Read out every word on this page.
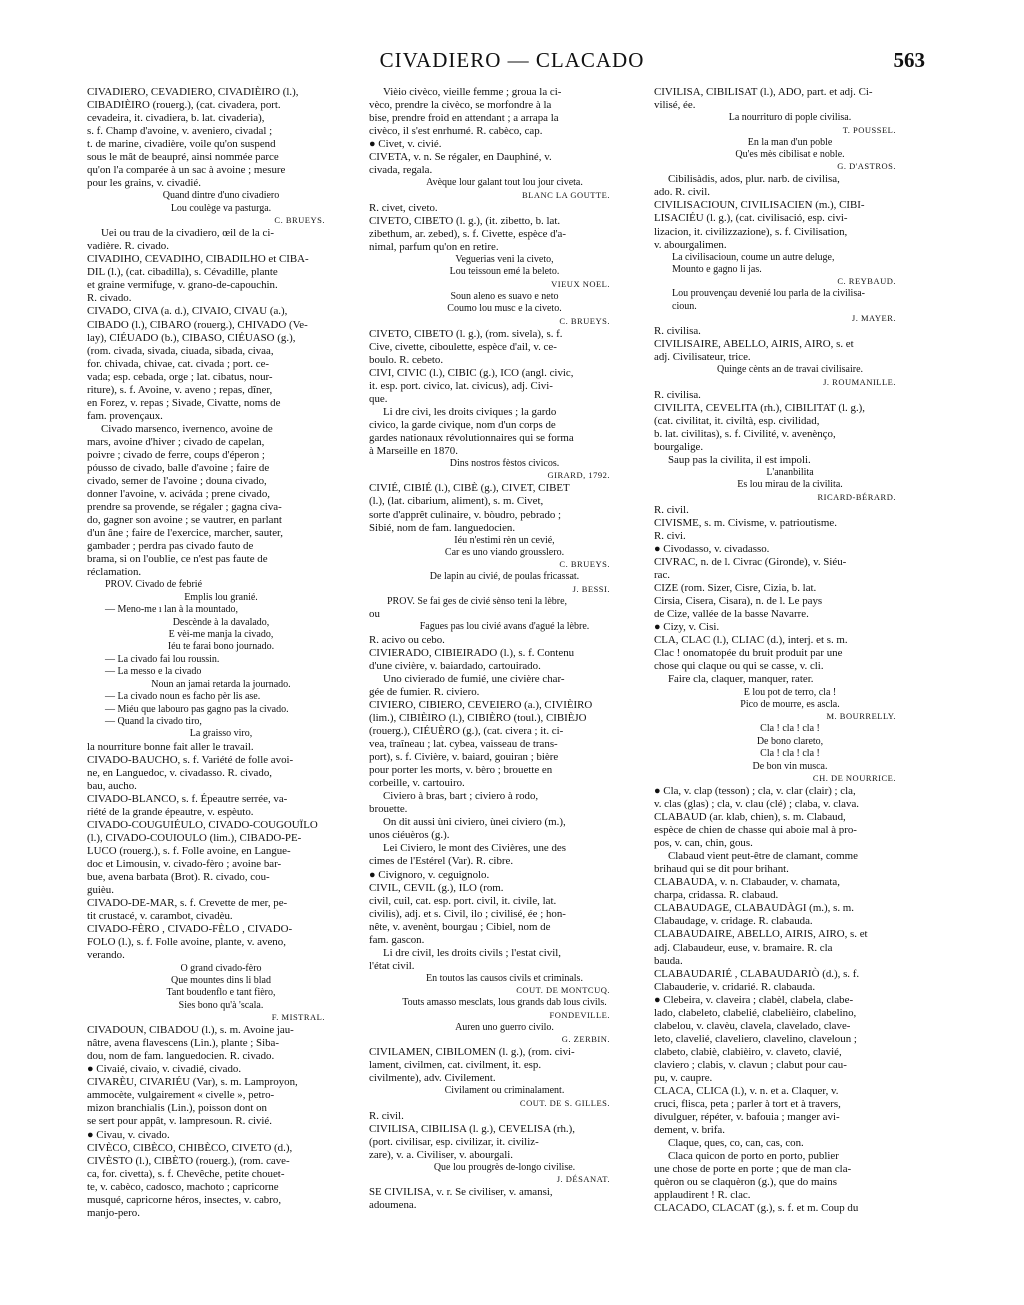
CIVADIERO — CLACADO	563
CIVADIERO, CEVADIERO, CIVADIÈIRO (l.),
CIBADIÈIRO (rouerg.), (cat. civadera, port.
cevadeira, it. civadiera, b. lat. civaderia),
s. f. Champ d'avoine, v. aveniero, civadal ;
t. de marine, civadière, voile qu'on suspend
sous le mât de beaupré, ainsi nommée parce
qu'on l'a comparée à un sac à avoine ; mesure
pour les grains, v. civadié.
Quand dintre d'uno civadiero
Lou coulège va pasturga.
C. BRUEYS.
Uei ou trau de la civadiero, œil de la ci-
vadière. R. civado.
CIVADIHO, CEVADIHO, CIBADILHO et CIBA-
DIL (l.), (cat. cibadilla), s. Cévadille, plante
et graine vermifuge, v. grano-de-capouchin.
R. civado.
CIVADO, CIVA (a. d.), CIVAIO, CIVAU (a.),
CIBADO (l.), CIBARO (rouerg.), CHIVADO (Ve-
lay), CIÉUADO (b.), CIBASO, CIÉUASO (g.),
(rom. civada, sivada, ciuada, sibada, civaa,
for. chivada, chivae, cat. civada ; port. ce-
vada; esp. cebada, orge ; lat. cibatus, nour-
riture), s. f. Avoine, v. aveno ; repas, dîner,
en Forez, v. repas ; Sivade, Civatte, noms de
fam. provençaux.
Civado marsenco, ivernenco, avoine de
mars, avoine d'hiver ; civado de capelan,
poivre ; civado de ferre, coups d'éperon ;
póusso de civado, balle d'avoine ; faire de
civado, semer de l'avoine ; douna civado,
donner l'avoine, v. aciváda ; prene civado,
prendre sa provende, se régaler ; gagna civa-
do, gagner son avoine ; se vautrer, en parlant
d'un âne ; faire de l'exercice, marcher, sauter,
gambader ; perdra pas civado fauto de
brama, si on l'oublie, ce n'est pas faute de
réclamation.
PROV. Civado de febrié
Emplis lou granié.
— Meno-me ı lan à la mountado,
Descènde à la davalado,
E vèi-me manja la civado,
Iéu te farai bono journado.
— La civado fai lou roussin.
— La messo e la civado
Noun an jamai retarda la journado.
— La civado noun es facho pèr lis ase.
— Miéu que labouro pas gagno pas la civado.
— Quand la civado tiro,
La graisso viro,
la nourriture bonne fait aller le travail.
CIVADO-BAUCHO, s. f. Variété de folle avoi-
ne, en Languedoc, v. civadasso. R. civado,
bau, aucho.
CIVADO-BLANCO, s. f. Épeautre serrée, va-
riété de la grande épeautre, v. espèuto.
CIVADO-COUGUIÉULO, CIVADO-COUGOUÏLO
(l.), CIVADO-COUIOULO (lim.), CIBADO-PE-
LUCO (rouerg.), s. f. Folle avoine, en Langue-
doc et Limousin, v. civado-fèro ; avoine bar-
bue, avena barbata (Brot). R. civado, cou-
guièu.
CIVADO-DE-MAR, s. f. Crevette de mer, pe-
tit crustacé, v. carambot, civadèu.
CIVADO-FÈRO , CIVADO-FÈLO , CIVADO-
FOLO (l.), s. f. Folle avoine, plante, v. aveno,
verando.
O grand civado-fèro
Que mountes dins li blad
Tant boudenflo e tant fièro,
Sies bono qu'à 'scala.
F. MISTRAL.
CIVADOUN, CIBADOU (l.), s. m. Avoine jau-
nâtre, avena flavescens (Lin.), plante ; Siba-
dou, nom de fam. languedocien. R. civado.
● Civaié, civaio, v. civadié, civado.
CIVARÈU, CIVARIÉU (Var), s. m. Lamproyon,
ammocète, vulgairement « civelle », petro-
mizon branchialis (Lin.), poisson dont on
se sert pour appât, v. lampresoun. R. civié.
● Civau, v. civado.
CIVÈCO, CIBÈCO, CHIBÈCO, CIVETO (d.),
CIVÈSTO (l.), CIBÈTO (rouerg.), (rom. cave-
ca, for. civetta), s. f. Chevêche, petite chouet-
te, v. cabèco, cadosco, machoto ; capricorne
musqué, capricorne héros, insectes, v. cabro,
manjo-pero.
Vièio civèco, vieille femme ; groua la ci-
vèco, prendre la civèco, se morfondre à la
bise, prendre froid en attendant ; a arrapa la
civèco, il s'est enrhumé. R. cabèco, cap.
● Civet, v. civié.
CIVETA, v. n. Se régaler, en Dauphiné, v.
civada, regala.
Avèque lour galant tout lou jour civeta.
BLANC LA GOUTTE.
R. civet, civeto.
CIVETO, CIBETO (l. g.), (it. zibetto, b. lat.
zibethum, ar. zebed), s. f. Civette, espèce d'a-
nimal, parfum qu'on en retire.
Veguerias veni la civeto,
Lou teissoun emé la beleto.
VIEUX NOEL.
Soun aleno es suavo e neto
Coumo lou musc e la civeto.
C. BRUEYS.
CIVETO, CIBETO (l. g.), (rom. sivela), s. f.
Cive, civette, ciboulette, espèce d'ail, v. ce-
boulo. R. cebeto.
CIVI, CIVIC (l.), CIBIC (g.), ICO (angl. civic,
it. esp. port. civico, lat. civicus), adj. Civi-
que.
Li dre civi, les droits civiques ; la gardo
civico, la garde civique, nom d'un corps de
gardes nationaux révolutionnaires qui se forma
à Marseille en 1870.
Dins nostros fèstos civicos.
GIRARD, 1792.
CIVIÉ, CIBIÉ (l.), CIBÈ (g.), CIVET, CIBET
(l.), (lat. cibarium, aliment), s. m. Civet,
sorte d'apprêt culinaire, v. bòudro, pebrado ;
Sibié, nom de fam. languedocien.
Iéu n'estimi rèn un cevié,
Car es uno viando grousslero.
C. BRUEYS.
De lapin au civié, de poulas fricassat.
J. BESSI.
PROV. Se fai ges de civié sènso teni la lèbre,
ou
Fagues pas lou civié avans d'agué la lèbre.
R. acivo ou cebo.
CIVIERADO, CIBIEIRADO (l.), s. f. Contenu
d'une civière, v. baiardado, cartouirado.
Uno civierado de fumié, une civière char-
gée de fumier. R. civiero.
CIVIERO, CIBIERO, CEVEIERO (a.), CIVIÈIRO
(lim.), CIBIÈIRO (l.), CIBIÈRO (toul.), CIBIÈJO
(rouerg.), CIÉUÈRO (g.), (cat. civera ; it. ci-
vea, traîneau ; lat. cybea, vaisseau de trans-
port), s. f. Civière, v. baiard, gouiran ; bière
pour porter les morts, v. bèro ; brouette en
corbeille, v. cartouiro.
Civiero à bras, bart ; civiero à rodo,
brouette.
On dit aussi ùni civiero, ùnei civiero (m.),
unos ciéuèros (g.).
Lei Civiero, le mont des Civières, une des
cimes de l'Estérel (Var). R. cibre.
● Civignoro, v. ceguignolo.
CIVIL, CEVIL (g.), ILO (rom.
civil, cuil, cat. esp. port. civil, it. civile, lat.
civilis), adj. et s. Civil, ilo ; civilisé, ée ; hon-
nête, v. avenènt, bourgau ; Cibiel, nom de
fam. gascon.
Li dre civil, les droits civils ; l'estat civil,
l'état civil.
En toutos las causos civils et criminals.
COUT. DE MONTCUQ.
Touts amasso mesclats, lous grands dab lous civils.
FONDEVILLE.
Auren uno guerro civilo.
G. ZERBIN.
CIVILAMEN, CIBILOMEN (l. g.), (rom. civi-
lament, civilmen, cat. civilment, it. esp.
civilmente), adv. Civilement.
Civilament ou criminalament.
COUT. DE S. GILLES.
R. civil.
CIVILISA, CIBILISA (l. g.), CEVELISA (rh.),
(port. civilisar, esp. civilizar, it. civiliz-
zare), v. a. Civiliser, v. abourgali.
Que lou prougrès de-longo civilise.
J. DÉSANAT.
SE CIVILISA, v. r. Se civiliser, v. amansi,
adoumena.
CIVILISA, CIBILISAT (l.), ADO, part. et adj. Ci-
vilisé, ée.
La nourrituro di pople civilisa.
T. POUSSEL.
En la man d'un poble
Qu'es mès cibilisat e noble.
G. D'ASTROS.
Cibilisàdis, ados, plur. narb. de civilisa,
ado. R. civil.
CIVILISACIOUN, CIVILISACIEN (m.), CIBI-
LISACIÉU (l. g.), (cat. civilisació, esp. civi-
lizacion, it. civilizzazione), s. f. Civilisation,
v. abourgalimen.
La civilisacioun, coume un autre deluge,
Mounto e gagno li jas.
C. REYBAUD.
Lou prouvençau devenié lou parla de la civilisa-
cioun.
J. MAYER.
R. civilisa.
CIVILISAIRE, ABELLO, AIRIS, AIRO, s. et
adj. Civilisateur, trice.
Quinge cènts an de travai civilisaire.
J. ROUMANILLE.
R. civilisa.
CIVILITA, CEVELITA (rh.), CIBILITAT (l. g.),
(cat. civilitat, it. civiltà, esp. civilidad,
b. lat. civilitas), s. f. Civilité, v. avenènço,
bourgalige.
Saup pas la civilita, il est impoli.
L'ananbilita
Es lou mirau de la civilita.
RICARD-BÉRARD.
R. civil.
CIVISME, s. m. Civisme, v. patrioutisme.
R. civi.
● Civodasso, v. civadasso.
CIVRAC, n. de l. Civrac (Gironde), v. Siéu-
rac.
CIZE (rom. Sizer, Cisre, Cizia, b. lat.
Cirsia, Cisera, Cisara), n. de l. Le pays
de Cize, vallée de la basse Navarre.
● Cizy, v. Cisi.
CLA, CLAC (l.), CLIAC (d.), interj. et s. m.
Clac ! onomatopée du bruit produit par une
chose qui claque ou qui se casse, v. cli.
Faire cla, claquer, manquer, rater.
E lou pot de terro, cla !
Pico de mourre, es ascla.
M. BOURRELLY.
Cla ! cla ! cla !
De bono clareto,
Cla ! cla ! cla !
De bon vin musca.
CH. DE NOURRICE.
● Cla, v. clap (tesson) ; cla, v. clar (clair) ; cla,
v. clas (glas) ; cla, v. clau (clé) ; claba, v. clava.
CLABAUD (ar. klab, chien), s. m. Clabaud,
espèce de chien de chasse qui aboie mal à pro-
pos, v. can, chin, gous.
Clabaud vient peut-être de clamant, comme
brihaud qui se dit pour brihant.
CLABAUDA, v. n. Clabauder, v. chamata,
charpa, cridassa. R. clabaud.
CLABAUDAGE, CLABAUDÀGI (m.), s. m.
Clabaudage, v. cridage. R. clabauda.
CLABAUDAIRE, ABELLO, AIRIS, AIRO, s. et
adj. Clabaudeur, euse, v. bramaire. R. cla
bauda.
CLABAUDARIÉ , CLABAUDARIÒ (d.), s. f.
Clabauderie, v. cridarié. R. clabauda.
● Clebeira, v. claveira ; clabèl, clabela, clabe-
lado, clabeleto, clabelié, clabelièiro, clabelino,
clabelou, v. clavèu, clavela, clavelado, clave-
leto, clavelié, claveliero, clavelino, claveloun ;
clabeto, clabiè, clabièiro, v. claveto, clavié,
claviero ; clabis, v. clavun ; clabut pour cau-
pu, v. caupre.
CLACA, CLICA (l.), v. n. et a. Claquer, v.
cruci, flisca, peta ; parler à tort et à travers,
divulguer, répéter, v. bafouia ; manger avi-
dement, v. brifa.
Claque, ques, co, can, cas, con.
Claca quicon de porto en porto, publier
une chose de porte en porte ; que de man cla-
quèron ou se claquèron (g.), que do mains
applaudirent ! R. clac.
CLACADO, CLACAT (g.), s. f. et m. Coup du
